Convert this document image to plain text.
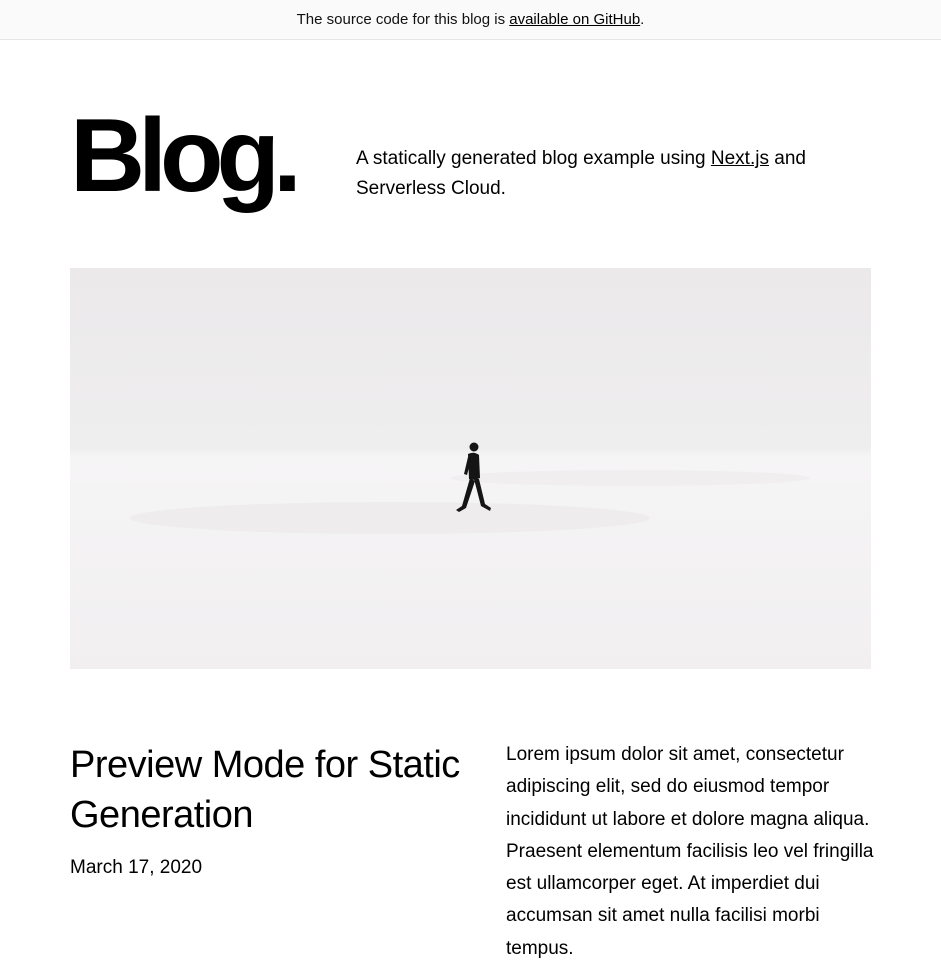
The source code for this blog is available on GitHub .
Blog.	A statically generated blog example using Next.js and Serverless Cloud.

Preview Mode for Static Generation

March 17, 2020

Lorem ipsum dolor sit amet, consectetur adipiscing elit, sed do eiusmod tempor incididunt ut labore et dolore magna aliqua. Praesent elementum facilisis leo vel fringilla est ullamcorper eget. At imperdiet dui accumsan sit amet nulla facilisi morbi tempus.
